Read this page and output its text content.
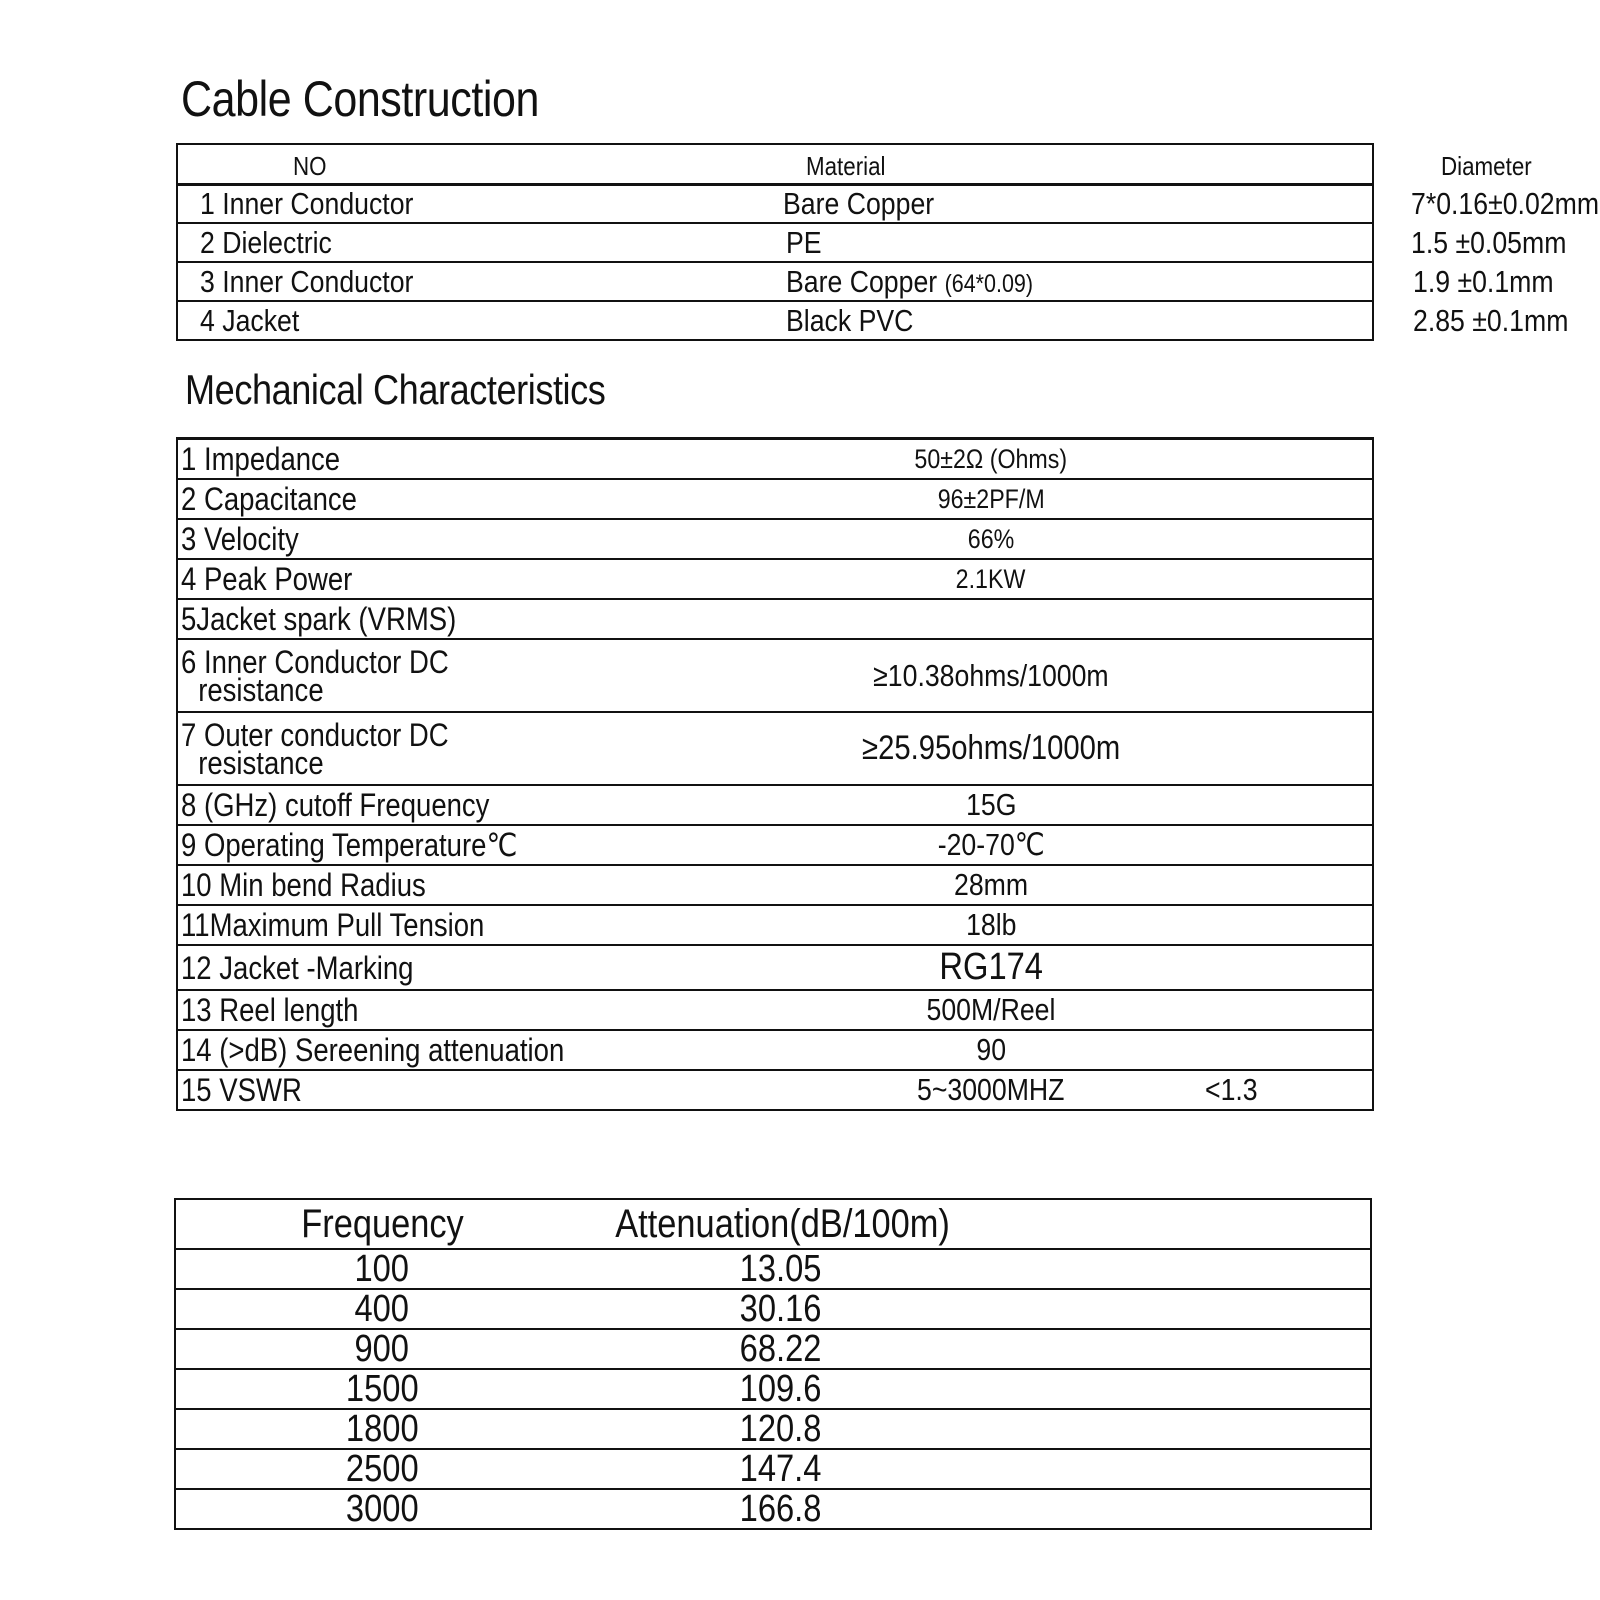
Cable Construction
NO	Material	Diameter
1 Inner Conductor	Bare Copper	7*0.16±0.02mm
2 Dielectric	PE	1.5 ±0.05mm
3 Inner Conductor	Bare Copper (64*0.09)	1.9 ±0.1mm
4 Jacket	Black PVC	2.85 ±0.1mm
Mechanical Characteristics
1 Impedance	50±2Ω (Ohms)	
2 Capacitance	96±2PF/M	
3 Velocity	66%	
4 Peak Power	2.1KW	
5Jacket spark (VRMS)		
6 Inner Conductor DC
resistance	≥10.38ohms/1000m	
7 Outer conductor DC
resistance	≥25.95ohms/1000m	
8 (GHz) cutoff Frequency	15G	
9 Operating Temperature℃	-20-70℃	
10 Min bend Radius	28mm	
11Maximum Pull Tension	18lb	
12 Jacket -Marking	RG174	
13 Reel length	500M/Reel	
14 (>dB) Sereening attenuation	90	
15 VSWR	5~3000MHZ	<1.3
Frequency	Attenuation(dB/100m)	
100	13.05	
400	30.16	
900	68.22	
1500	109.6	
1800	120.8	
2500	147.4	
3000	166.8	
